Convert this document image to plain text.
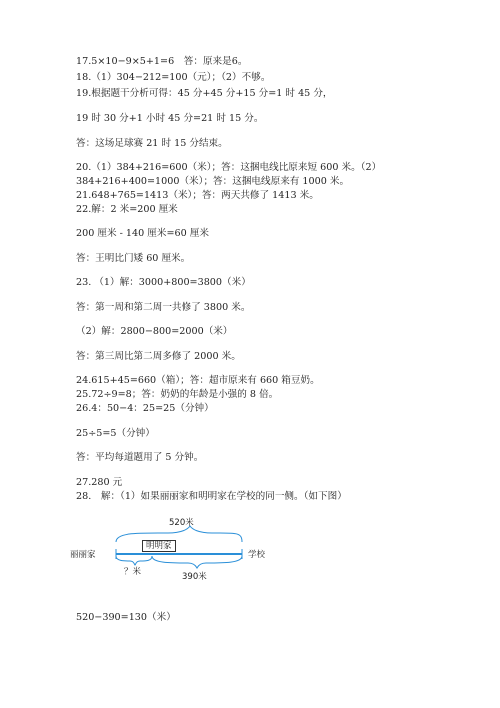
17.5×10−9×5+1=6　答：原来是6。
18.（1）304−212=100（元）；（2）不够。
19.根据题干分析可得：45 分+45 分+15 分=1 时 45 分，
19 时 30 分+1 小时 45 分=21 时 15 分。
答：这场足球赛 21 时 15 分结束。
20.（1）384+216=600（米）；答：这捆电线比原来短 600 米。（2）
384+216+400=1000（米）；答：这捆电线原来有 1000 米。
21.648+765=1413（米）；答：两天共修了 1413 米。
22.解：2 米=200 厘米
200 厘米 - 140 厘米=60 厘米
答：王明比门矮 60 厘米。
23. （1）解：3000+800=3800（米）
答：第一周和第二周一共修了 3800 米。
（2）解：2800−800=2000（米）
答：第三周比第二周多修了 2000 米。
24.615+45=660（箱）；答：超市原来有 660 箱豆奶。
25.72÷9=8；答：奶奶的年龄是小强的 8 倍。
26.4：50−4：25=25（分钟）
25÷5=5（分钟）
答：平均每道题用了 5 分钟。
27.280 元
28.　解：（1）如果丽丽家和明明家在学校的同一侧。（如下图）
520米
明明家
丽丽家	学校
？米	390米
520−390=130（米）
